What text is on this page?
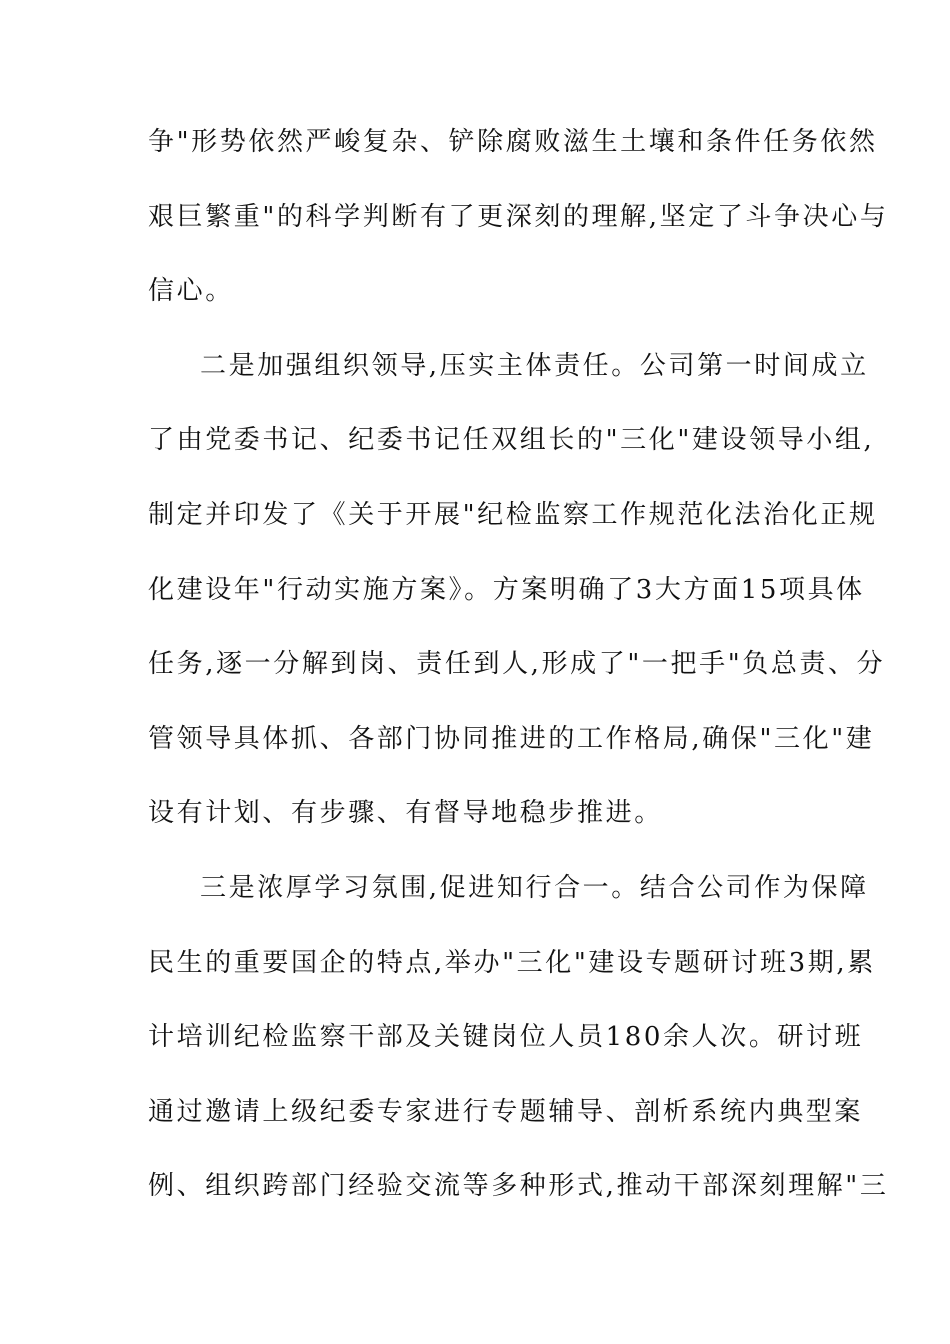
争"形势依然严峻复杂、铲除腐败滋生土壤和条件任务依然
艰巨繁重"的科学判断有了更深刻的理解,坚定了斗争决心与
信心。
二是加强组织领导,压实主体责任。公司第一时间成立
了由党委书记、纪委书记任双组长的"三化"建设领导小组,
制定并印发了《关于开展"纪检监察工作规范化法治化正规
化建设年"行动实施方案》。方案明确了3大方面15项具体
任务,逐一分解到岗、责任到人,形成了"一把手"负总责、分
管领导具体抓、各部门协同推进的工作格局,确保"三化"建
设有计划、有步骤、有督导地稳步推进。
三是浓厚学习氛围,促进知行合一。结合公司作为保障
民生的重要国企的特点,举办"三化"建设专题研讨班3期,累
计培训纪检监察干部及关键岗位人员180余人次。研讨班
通过邀请上级纪委专家进行专题辅导、剖析系统内典型案
例、组织跨部门经验交流等多种形式,推动干部深刻理解"三
